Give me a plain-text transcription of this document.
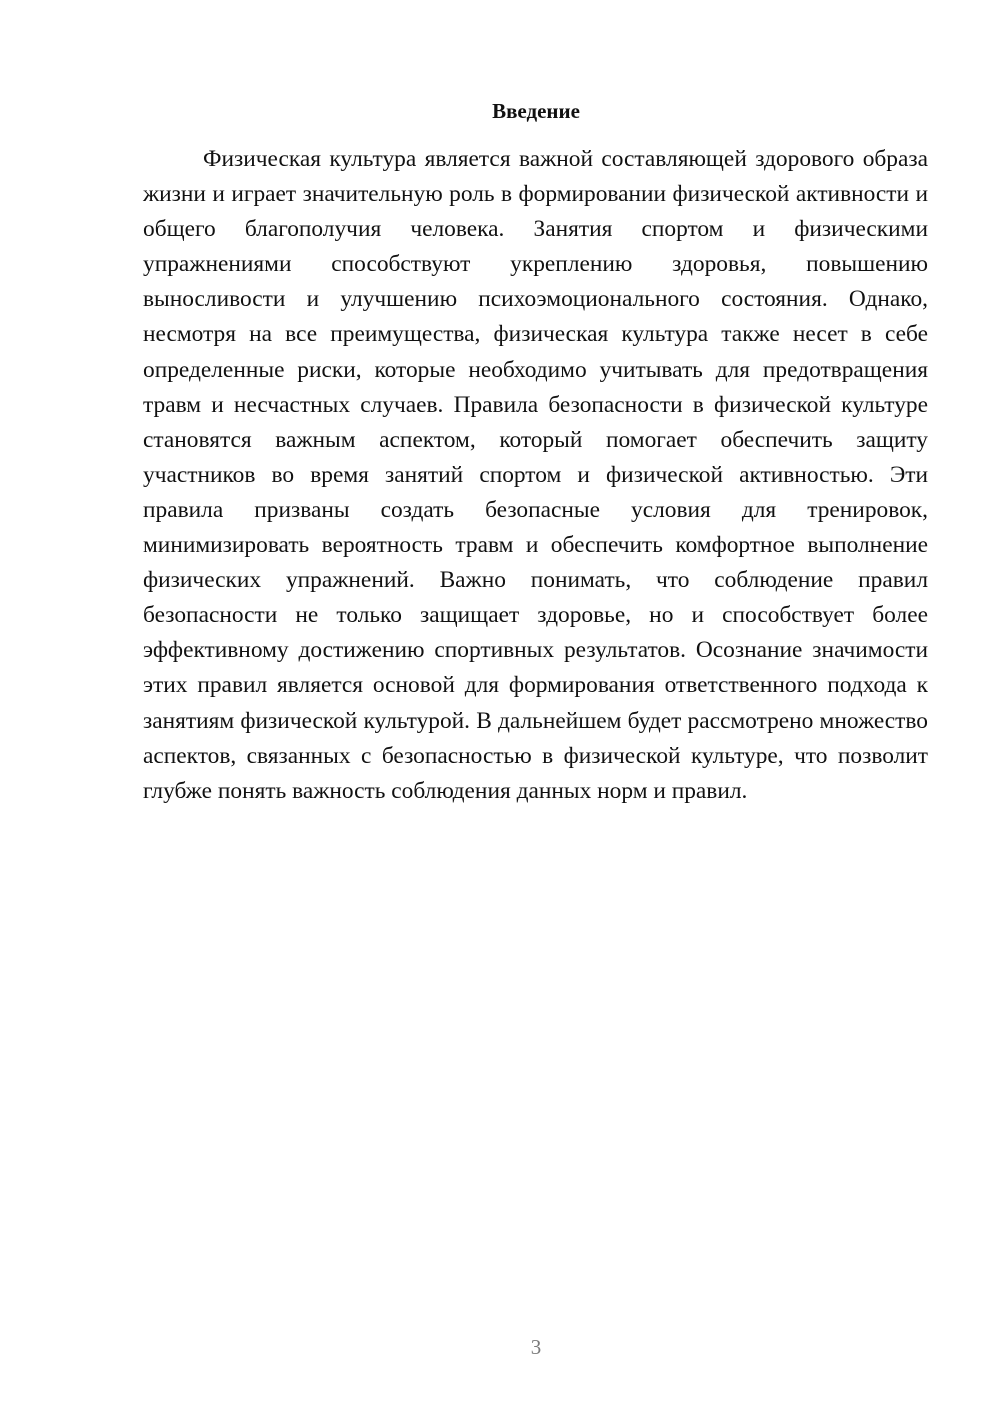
Введение

Физическая культура является важной составляющей здорового образа жизни и играет значительную роль в формировании физической активности и общего благополучия человека. Занятия спортом и физическими упражнениями способствуют укреплению здоровья, повышению выносливости и улучшению психоэмоционального состояния. Однако, несмотря на все преимущества, физическая культура также несет в себе определенные риски, которые необходимо учитывать для предотвращения травм и несчастных случаев. Правила безопасности в физической культуре становятся важным аспектом, который помогает обеспечить защиту участников во время занятий спортом и физической активностью. Эти правила призваны создать безопасные условия для тренировок, минимизировать вероятность травм и обеспечить комфортное выполнение физических упражнений. Важно понимать, что соблюдение правил безопасности не только защищает здоровье, но и способствует более эффективному достижению спортивных результатов. Осознание значимости этих правил является основой для формирования ответственного подхода к занятиям физической культурой. В дальнейшем будет рассмотрено множество аспектов, связанных с безопасностью в физической культуре, что позволит глубже понять важность соблюдения данных норм и правил.

3
